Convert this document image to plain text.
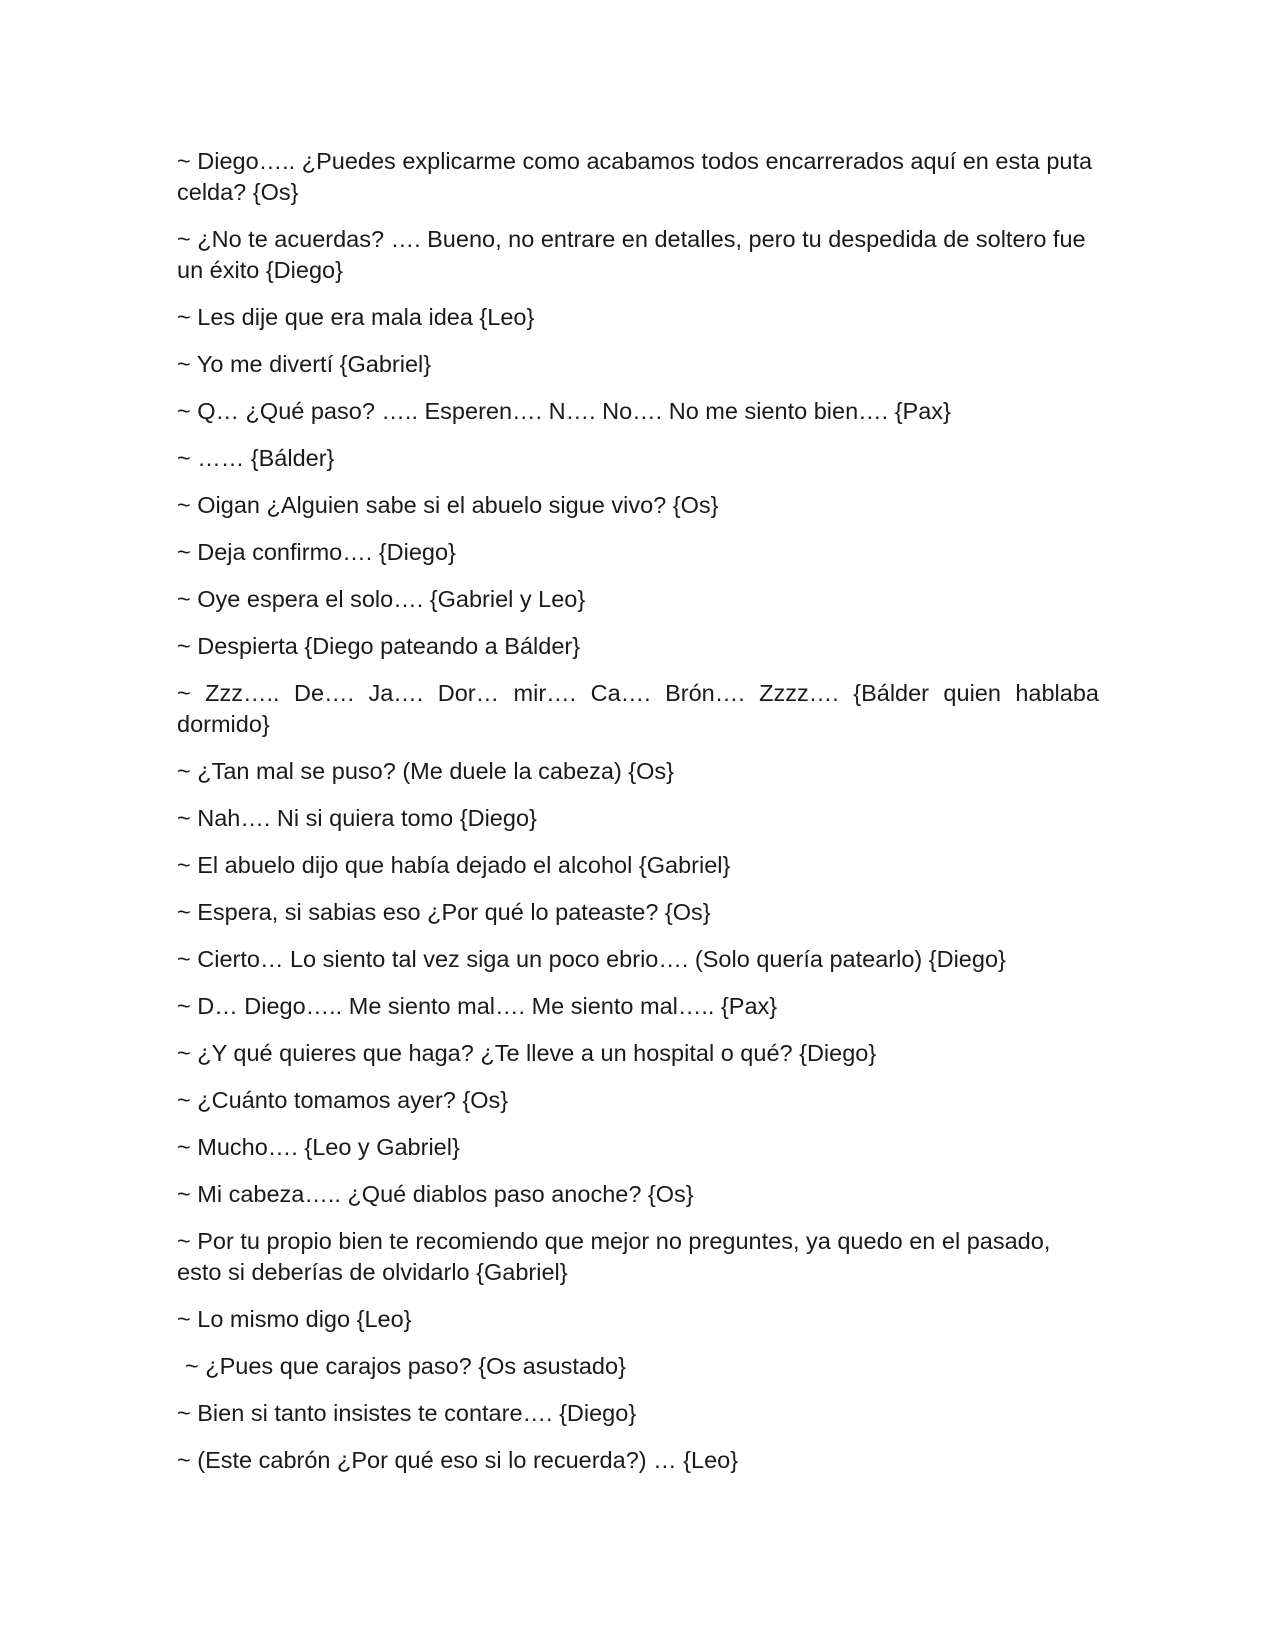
~ Diego….. ¿Puedes explicarme como acabamos todos encarrerados aquí en esta puta celda? {Os}

~ ¿No te acuerdas? …. Bueno, no entrare en detalles, pero tu despedida de soltero fue un éxito {Diego}

~ Les dije que era mala idea {Leo}

~ Yo me divertí {Gabriel}

~ Q… ¿Qué paso? ….. Esperen…. N…. No…. No me siento bien…. {Pax}

~ …… {Bálder}

~ Oigan ¿Alguien sabe si el abuelo sigue vivo? {Os}

~ Deja confirmo…. {Diego}

~ Oye espera el solo…. {Gabriel y Leo}

~ Despierta {Diego pateando a Bálder}

~ Zzz….. De…. Ja…. Dor… mir…. Ca…. Brón…. Zzzz…. {Bálder quien hablaba dormido}

~ ¿Tan mal se puso? (Me duele la cabeza) {Os}

~ Nah…. Ni si quiera tomo {Diego}

~ El abuelo dijo que había dejado el alcohol {Gabriel}

~ Espera, si sabias eso ¿Por qué lo pateaste? {Os}

~ Cierto… Lo siento tal vez siga un poco ebrio…. (Solo quería patearlo) {Diego}

~ D… Diego….. Me siento mal…. Me siento mal….. {Pax}

~ ¿Y qué quieres que haga? ¿Te lleve a un hospital o qué? {Diego}

~ ¿Cuánto tomamos ayer? {Os}

~ Mucho…. {Leo y Gabriel}

~ Mi cabeza….. ¿Qué diablos paso anoche? {Os}

~ Por tu propio bien te recomiendo que mejor no preguntes, ya quedo en el pasado, esto si deberías de olvidarlo {Gabriel}

~ Lo mismo digo {Leo}

~ ¿Pues que carajos paso? {Os asustado}

~ Bien si tanto insistes te contare…. {Diego}

~ (Este cabrón ¿Por qué eso si lo recuerda?) … {Leo}
